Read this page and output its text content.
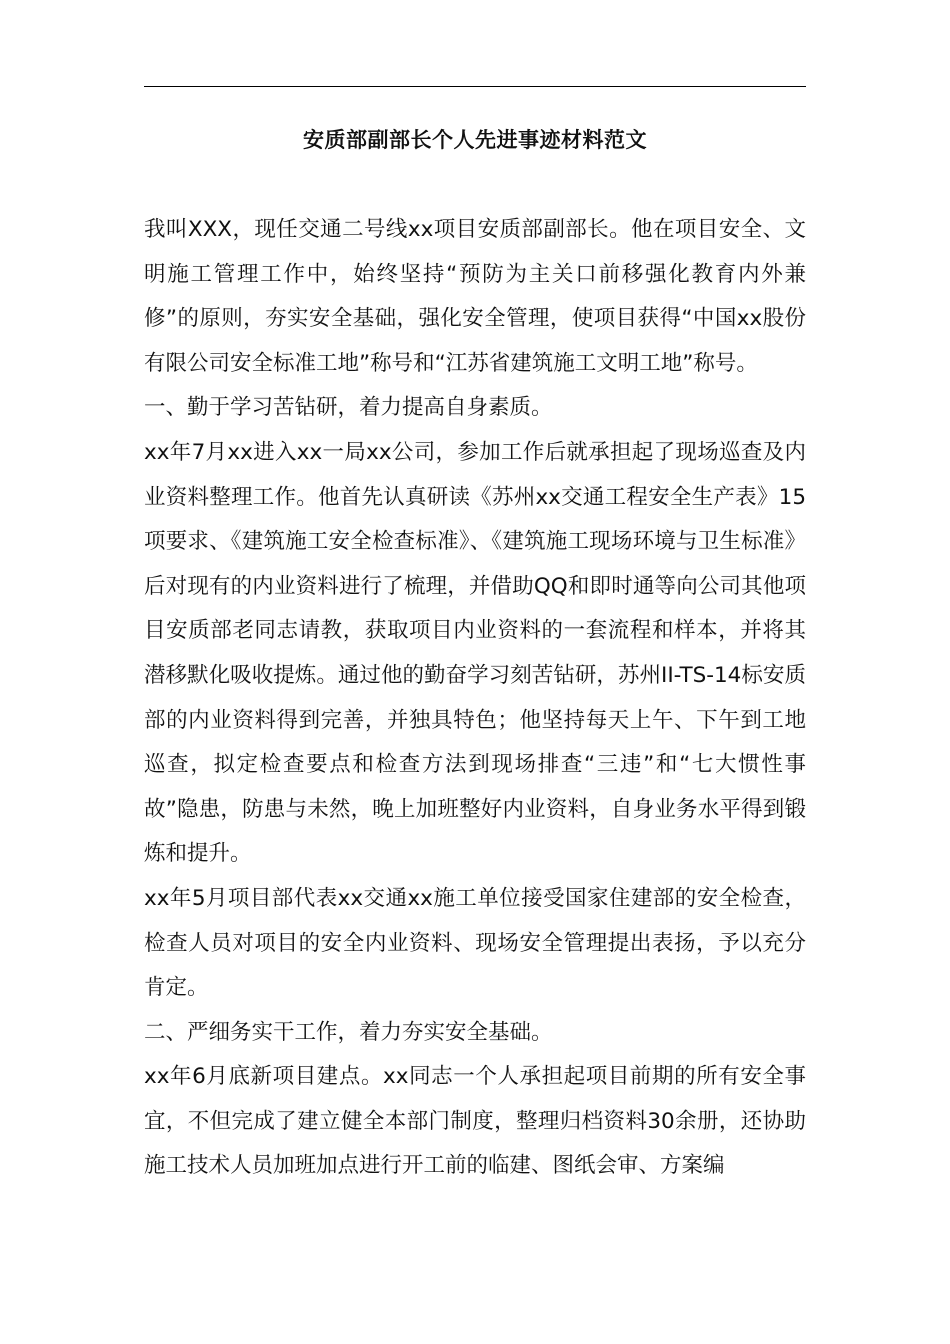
安质部副部长个人先进事迹材料范文

我叫XXX，现任交通二号线xx项目安质部副部长。他在项目安全、文明施工管理工作中，始终坚持“预防为主关口前移强化教育内外兼修”的原则，夯实安全基础，强化安全管理，使项目获得“中国xx股份有限公司安全标准工地”称号和“江苏省建筑施工文明工地”称号。

一、勤于学习苦钻研，着力提高自身素质。

xx年7月xx进入xx一局xx公司，参加工作后就承担起了现场巡查及内业资料整理工作。他首先认真研读《苏州xx交通工程安全生产表》15项要求、《建筑施工安全检查标准》、《建筑施工现场环境与卫生标准》后对现有的内业资料进行了梳理，并借助QQ和即时通等向公司其他项目安质部老同志请教，获取项目内业资料的一套流程和样本，并将其潜移默化吸收提炼。通过他的勤奋学习刻苦钻研，苏州II-TS-14标安质部的内业资料得到完善，并独具特色；他坚持每天上午、下午到工地巡查，拟定检查要点和检查方法到现场排查“三违”和“七大惯性事故”隐患，防患与未然，晚上加班整好内业资料，自身业务水平得到锻炼和提升。

xx年5月项目部代表xx交通xx施工单位接受国家住建部的安全检查，检查人员对项目的安全内业资料、现场安全管理提出表扬，予以充分肯定。

二、严细务实干工作，着力夯实安全基础。

xx年6月底新项目建点。xx同志一个人承担起项目前期的所有安全事宜，不但完成了建立健全本部门制度，整理归档资料30余册，还协助施工技术人员加班加点进行开工前的临建、图纸会审、方案编
